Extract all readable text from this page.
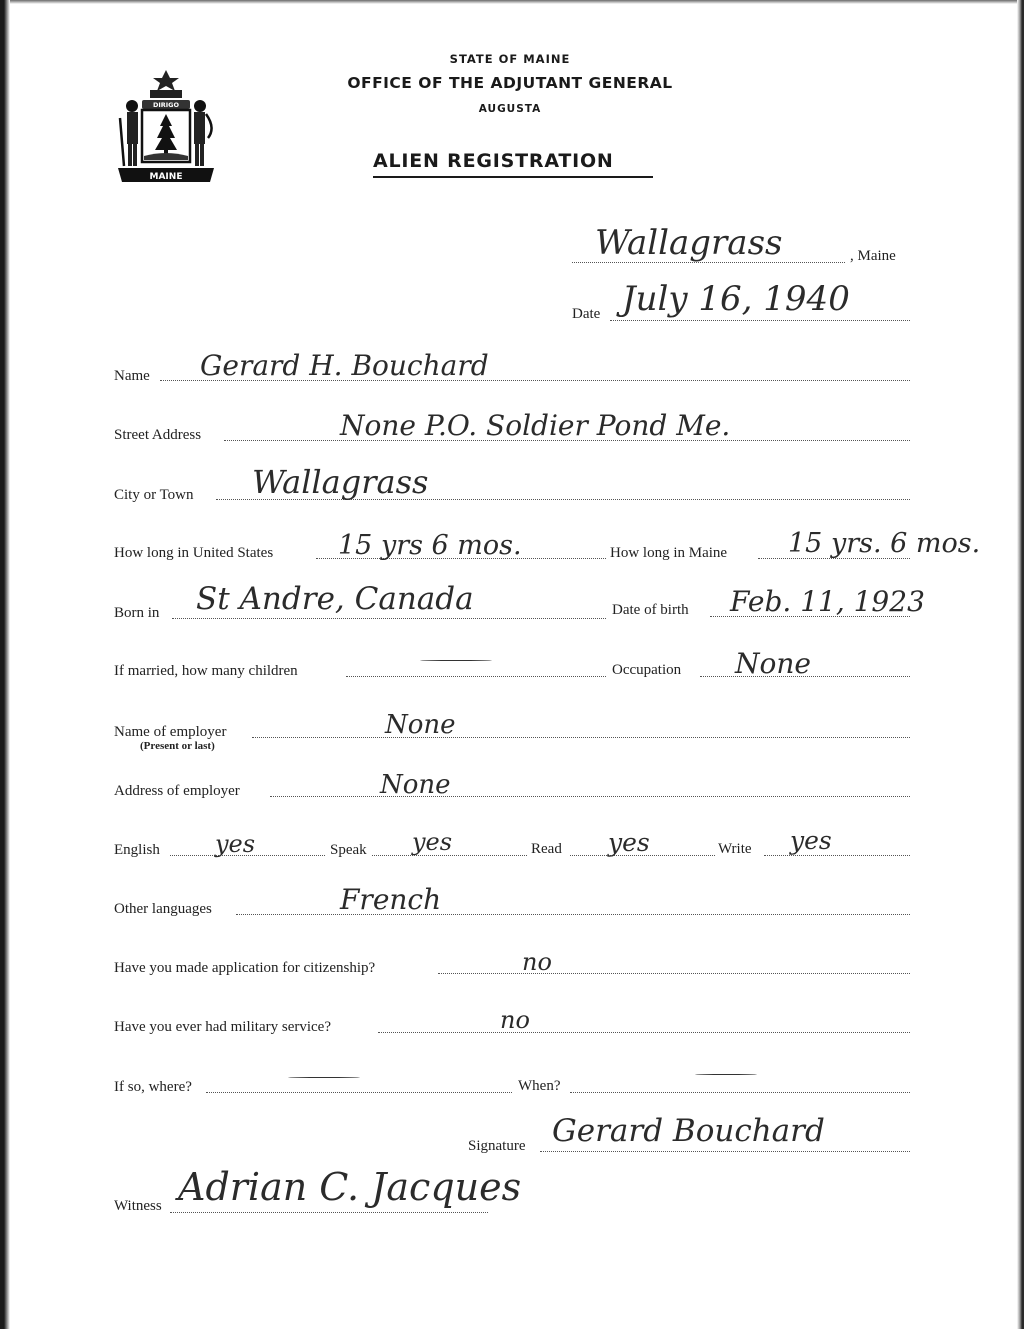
DIRIGO
MAINE
STATE OF MAINE
OFFICE OF THE ADJUTANT GENERAL
AUGUSTA
ALIEN REGISTRATION
Wallagrass	, Maine
Date July 16, 1940
Name Gerard H. Bouchard
Street Address	None P.O. Soldier Pond Me.
City or Town Wallagrass
How long in United States 15 yrs 6 mos.	How long in Maine 15 yrs. 6 mos.
Born in St Andre, Canada	Date of birth Feb. 11, 1923
If married, how many children	Occupation None
Name of employer
(Present or last)
None
Address of employer	None
English yes	Speak yes	Read yes	Write yes
Other languages	French
Have you made application for citizenship?	no
Have you ever had military service?	no
If so, where?	When?
Signature Gerard Bouchard
Witness Adrian C. Jacques
